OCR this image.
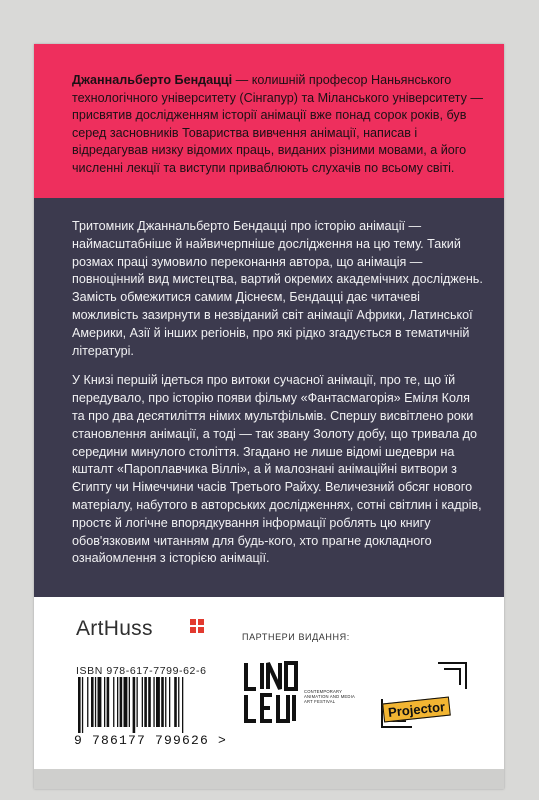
Джаннальберто Бендацці — колишній професор Наньянського технологічного університету (Сінгапур) та Міланського університету — присвятив дослідженням історії анімації вже понад сорок років, був серед засновників Товариства вивчення анімації, написав і відредагував низку відомих праць, виданих різними мовами, а його численні лекції та виступи приваблюють слухачів по всьому світі.

Тритомник Джаннальберто Бендацці про історію анімації — наймасштабніше й найвичерпніше дослідження на цю тему. Такий розмах праці зумовило переконання автора, що анімація — повноцінний вид мистецтва, вартий окремих академічних досліджень. Замість обмежитися самим Діснеєм, Бендацці дає читачеві можливість зазирнути в незвіданий світ анімації Африки, Латинської Америки, Азії й інших регіонів, про які рідко згадується в тематичній літературі.

У Книзі першій ідеться про витоки сучасної анімації, про те, що їй передувало, про історію появи фільму «Фантасмагорія» Еміля Коля та про два десятиліття німих мультфільмів. Спершу висвітлено роки становлення анімації, а тоді — так звану Золоту добу, що тривала до середини минулого століття. Згадано не лише відомі шедеври на кшталт «Пароплавчика Віллі», а й малознані анімаційні витвори з Єгипту чи Німеччини часів Третього Райху. Величезний обсяг нового матеріалу, набутого в авторських дослідженнях, сотні світлин і кадрів, простє й логічне впорядкування інформації роблять цю книгу обов'язковим читанням для будь-кого, хто прагне докладного ознайомлення з історією анімації.

ArtHuss	ПАРТНЕРИ ВИДАННЯ:
ISBN 978-617-7799-62-6
9 786177 799626 >
CONTEMPORARY ANIMATION AND MEDIA ART FESTIVAL	Projector
